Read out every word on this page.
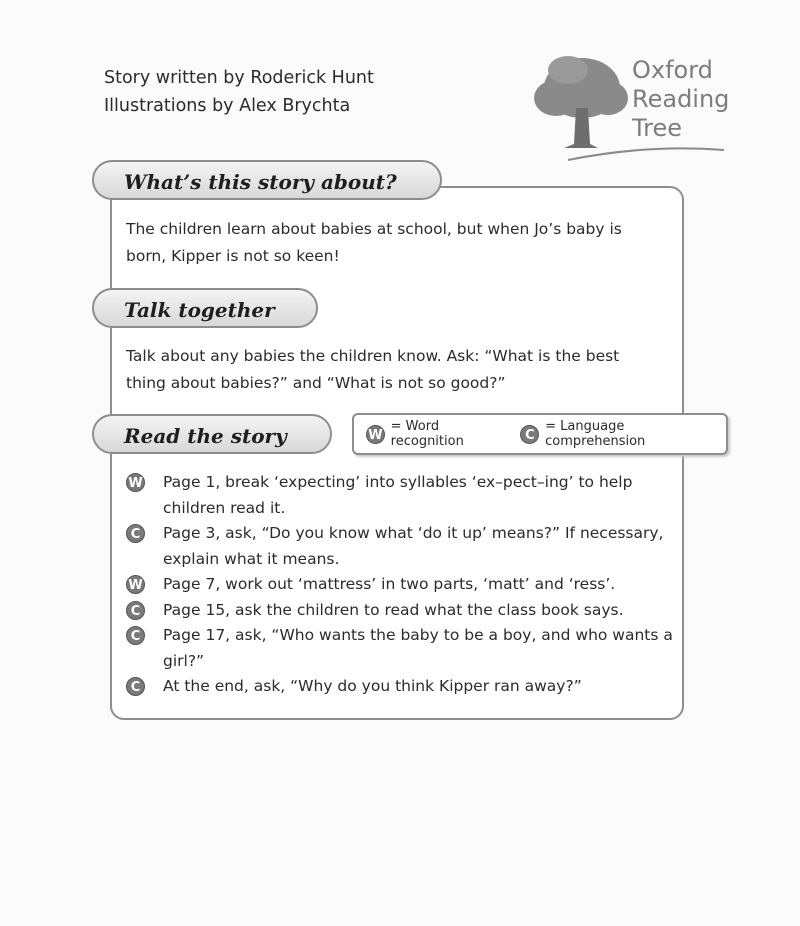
Story written by Roderick Hunt
Illustrations by Alex Brychta
Oxford
Reading
Tree
What’s this story about?
The children learn about babies at school, but when Jo’s baby is born, Kipper is not so keen!
Talk together
Talk about any babies the children know. Ask: “What is the best thing about babies?” and “What is not so good?”
Read the story	W
= Word recognition	C
= Language comprehension
W Page 1, break ‘expecting’ into syllables ‘ex–pect–ing’ to help children read it.
C	Page 3, ask, “Do you know what ‘do it up’ means?” If necessary, explain what it means.
W Page 7, work out ‘mattress’ in two parts, ‘matt’ and ‘ress’.
C	Page 15, ask the children to read what the class book says.
C	Page 17, ask, “Who wants the baby to be a boy, and who wants a girl?”
C	At the end, ask, “Why do you think Kipper ran away?”
